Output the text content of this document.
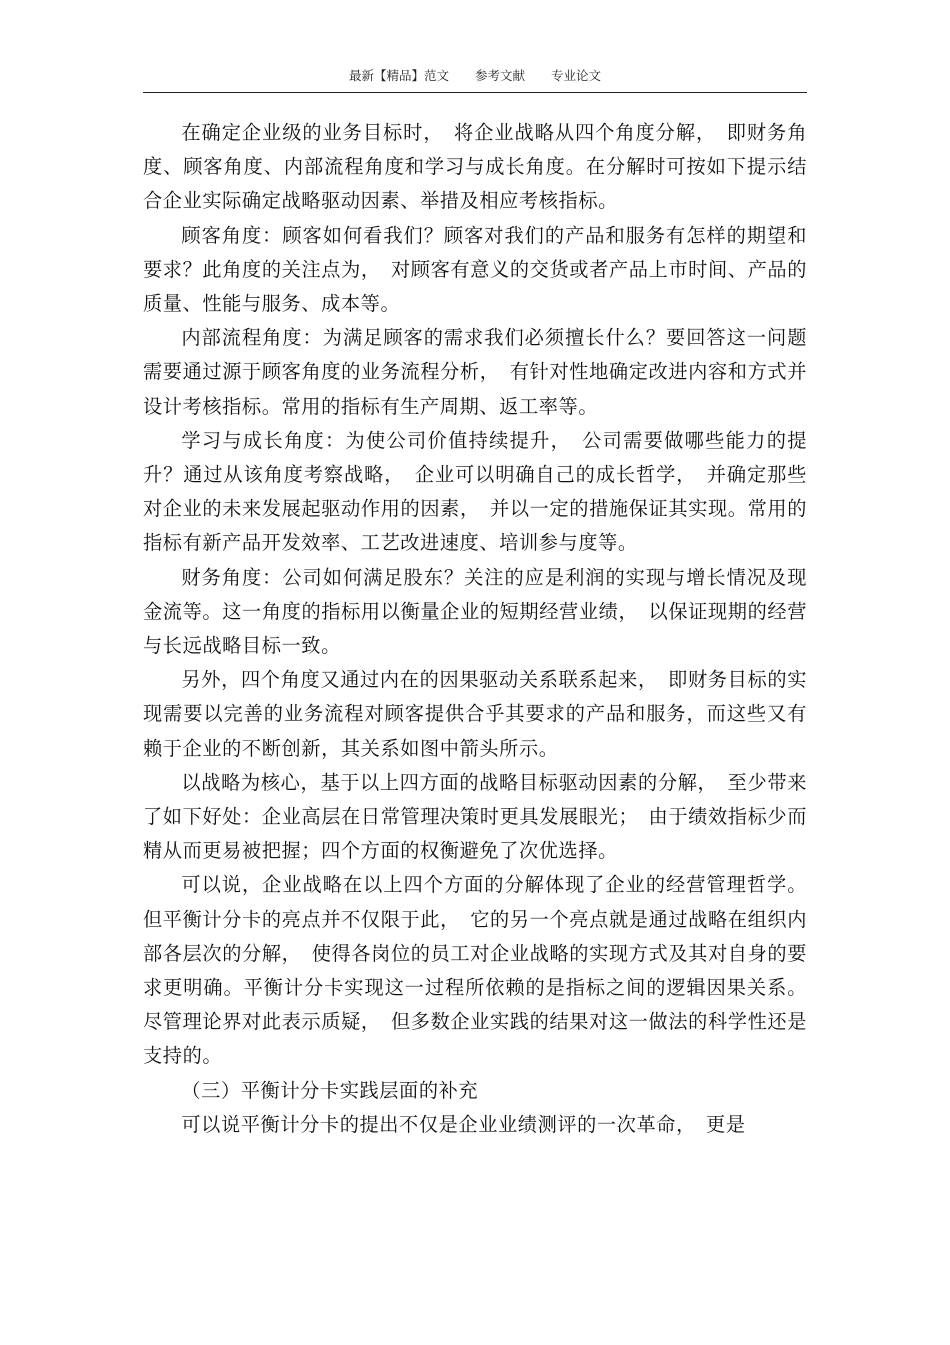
最新【精品】范文 参考文献 专业论文

在确定企业级的业务目标时，　将企业战略从四个角度分解，　即财务角度、顾客角度、内部流程角度和学习与成长角度。在分解时可按如下提示结合企业实际确定战略驱动因素、举措及相应考核指标。

顾客角度：顾客如何看我们？顾客对我们的产品和服务有怎样的期望和要求？此角度的关注点为，　对顾客有意义的交货或者产品上市时间、产品的质量、性能与服务、成本等。

内部流程角度：为满足顾客的需求我们必须擅长什么？要回答这一问题需要通过源于顾客角度的业务流程分析，　有针对性地确定改进内容和方式并设计考核指标。常用的指标有生产周期、返工率等。

学习与成长角度：为使公司价值持续提升，　公司需要做哪些能力的提升？通过从该角度考察战略，　企业可以明确自己的成长哲学，　并确定那些对企业的未来发展起驱动作用的因素，　并以一定的措施保证其实现。常用的指标有新产品开发效率、工艺改进速度、培训参与度等。

财务角度：公司如何满足股东？关注的应是利润的实现与增长情况及现金流等。这一角度的指标用以衡量企业的短期经营业绩，　以保证现期的经营与长远战略目标一致。

另外，四个角度又通过内在的因果驱动关系联系起来，　即财务目标的实现需要以完善的业务流程对顾客提供合乎其要求的产品和服务，而这些又有赖于企业的不断创新，其关系如图中箭头所示。

以战略为核心，基于以上四方面的战略目标驱动因素的分解，　至少带来了如下好处：企业高层在日常管理决策时更具发展眼光；　由于绩效指标少而精从而更易被把握；四个方面的权衡避免了次优选择。

可以说，企业战略在以上四个方面的分解体现了企业的经营管理哲学。但平衡计分卡的亮点并不仅限于此，　它的另一个亮点就是通过战略在组织内部各层次的分解，　使得各岗位的员工对企业战略的实现方式及其对自身的要求更明确。平衡计分卡实现这一过程所依赖的是指标之间的逻辑因果关系。尽管理论界对此表示质疑，　但多数企业实践的结果对这一做法的科学性还是支持的。

（三）平衡计分卡实践层面的补充

可以说平衡计分卡的提出不仅是企业业绩测评的一次革命，　更是
